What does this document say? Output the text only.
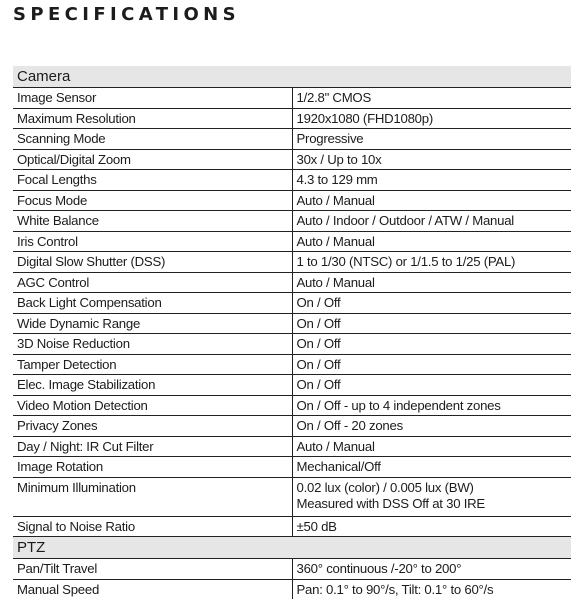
SPECIFICATIONS
Camera	
Image Sensor	1/2.8" CMOS
Maximum Resolution	1920x1080 (FHD1080p)
Scanning Mode	Progressive
Optical/Digital Zoom	30x / Up to 10x
Focal Lengths	4.3 to 129 mm
Focus Mode	Auto / Manual
White Balance	Auto / Indoor / Outdoor / ATW / Manual
Iris Control	Auto / Manual
Digital Slow Shutter (DSS)	1 to 1/30 (NTSC) or 1/1.5 to 1/25 (PAL)
AGC Control	Auto / Manual
Back Light Compensation	On / Off
Wide Dynamic Range	On / Off
3D Noise Reduction	On / Off
Tamper Detection	On / Off
Elec. Image Stabilization	On / Off
Video Motion Detection	On / Off - up to 4 independent zones
Privacy Zones	On / Off - 20 zones
Day / Night: IR Cut Filter	Auto / Manual
Image Rotation	Mechanical/Off
Minimum Illumination	0.02 lux (color) / 0.005 lux (BW)
Measured with DSS Off at 30 IRE

Signal to Noise Ratio	±50 dB
PTZ	
Pan/Tilt Travel	360° continuous /-20° to 200°
Manual Speed	Pan: 0.1° to 90°/s, Tilt: 0.1° to 60°/s
